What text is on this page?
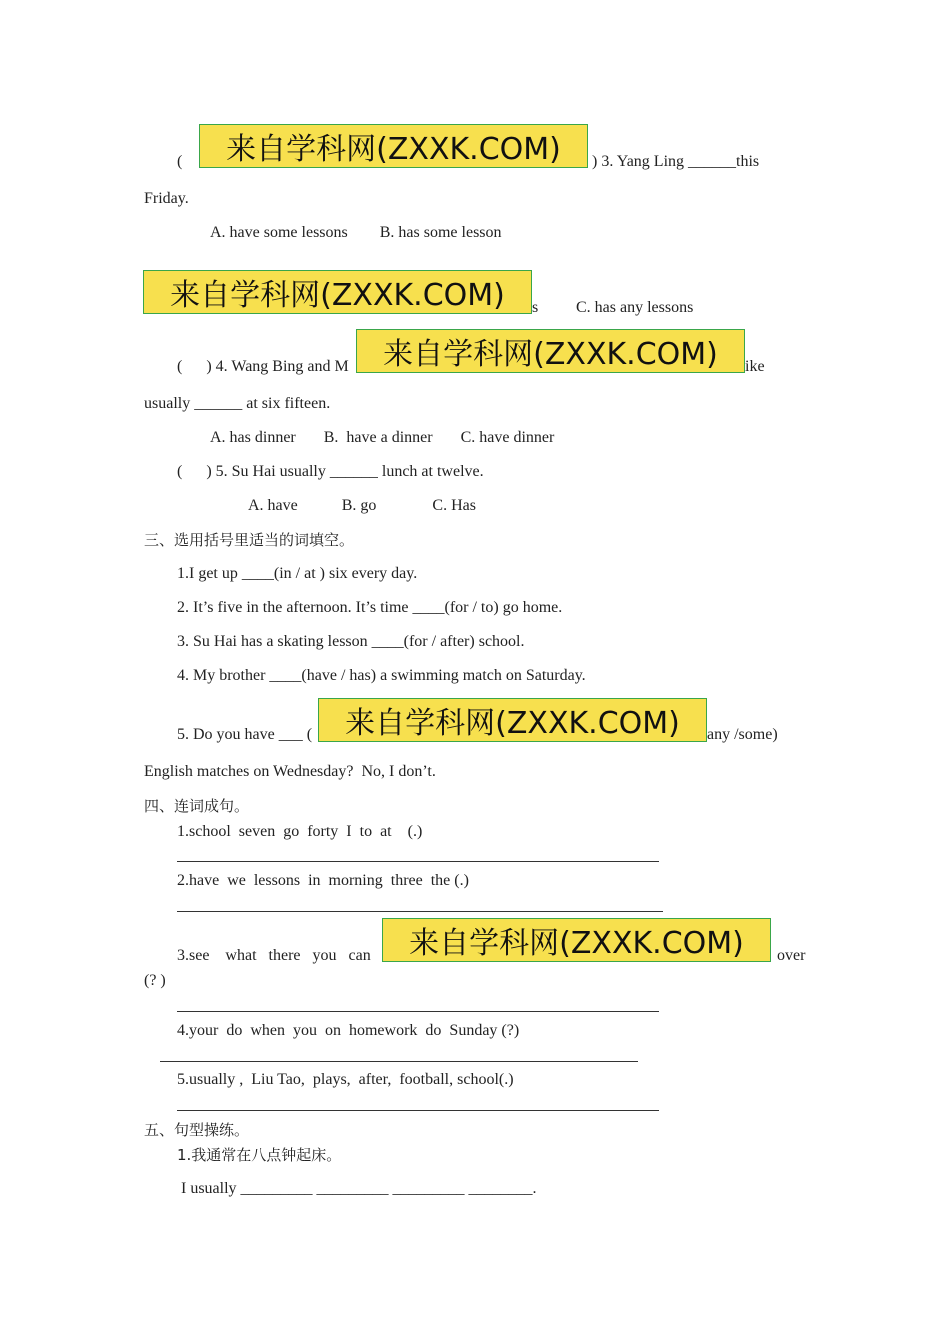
( 来自学科网(ZXXK.COM) ) 3. Yang Ling ______this
Friday.
A. have some lessons        B. has some lesson
来自学科网(ZXXK.COM) s C. has any lessons
(      ) 4. Wang Bing and M 来自学科网(ZXXK.COM) ike
usually ______ at six fifteen.
A. has dinner       B.  have a dinner       C. have dinner
(      ) 5. Su Hai usually ______ lunch at twelve.
A. have           B. go              C. Has
三、选用括号里适当的词填空。
1.I get up ____(in / at ) six every day.
2. It’s five in the afternoon. It’s time ____(for / to) go home.
3. Su Hai has a skating lesson ____(for / after) school.
4. My brother ____(have / has) a swimming match on Saturday.
5. Do you have ___ ( 来自学科网(ZXXK.COM) any /some)
English matches on Wednesday?  No, I don’t.
四、连词成句。
1.school  seven  go  forty  I  to  at    (.)
2.have  we  lessons  in  morning  three  the (.)
3.see    what   there   you   can 来自学科网(ZXXK.COM) over
(? )
4.your  do  when  you  on  homework  do  Sunday (?)
5.usually ,  Liu Tao,  plays,  after,  football, school(.)
五、句型操练。
1.我通常在八点钟起床。
I usually _________ _________ _________ ________.
